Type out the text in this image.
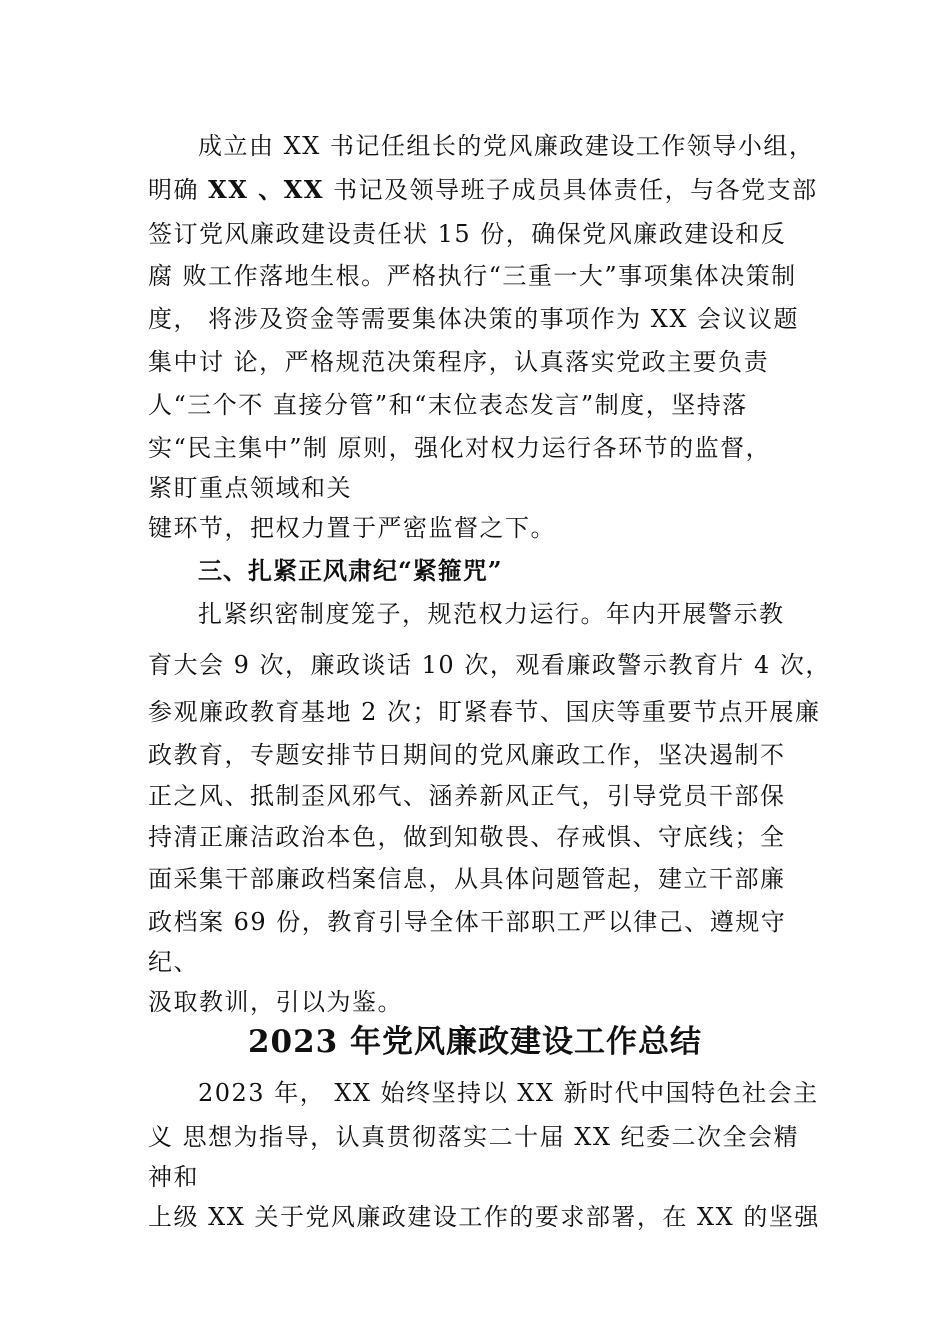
成立由 XX 书记任组长的党风廉政建设工作领导小组，
明确 XX 、XX 书记及领导班子成员具体责任，与各党支部
签订党风廉政建设责任状 15 份，确保党风廉政建设和反
腐 败工作落地生根。严格执行“三重一大”事项集体决策制
度， 将涉及资金等需要集体决策的事项作为 XX 会议议题
集中讨 论，严格规范决策程序，认真落实党政主要负责
人“三个不 直接分管”和“末位表态发言”制度，坚持落
实“民主集中”制 原则，强化对权力运行各环节的监督，
紧盯重点领域和关
键环节，把权力置于严密监督之下。
三、扎紧正风肃纪“紧箍咒”
扎紧织密制度笼子，规范权力运行。年内开展警示教
育大会 9 次，廉政谈话 10 次，观看廉政警示教育片 4 次，
参观廉政教育基地 2 次；盯紧春节、国庆等重要节点开展廉
政教育，专题安排节日期间的党风廉政工作，坚决遏制不
正之风、抵制歪风邪气、涵养新风正气，引导党员干部保
持清正廉洁政治本色，做到知敬畏、存戒惧、守底线；全
面采集干部廉政档案信息，从具体问题管起，建立干部廉
政档案 69 份，教育引导全体干部职工严以律己、遵规守
纪、
汲取教训，引以为鉴。
2023 年党风廉政建设工作总结
2023 年， XX 始终坚持以 XX 新时代中国特色社会主
义 思想为指导，认真贯彻落实二十届 XX 纪委二次全会精
神和
上级 XX 关于党风廉政建设工作的要求部署，在 XX 的坚强
